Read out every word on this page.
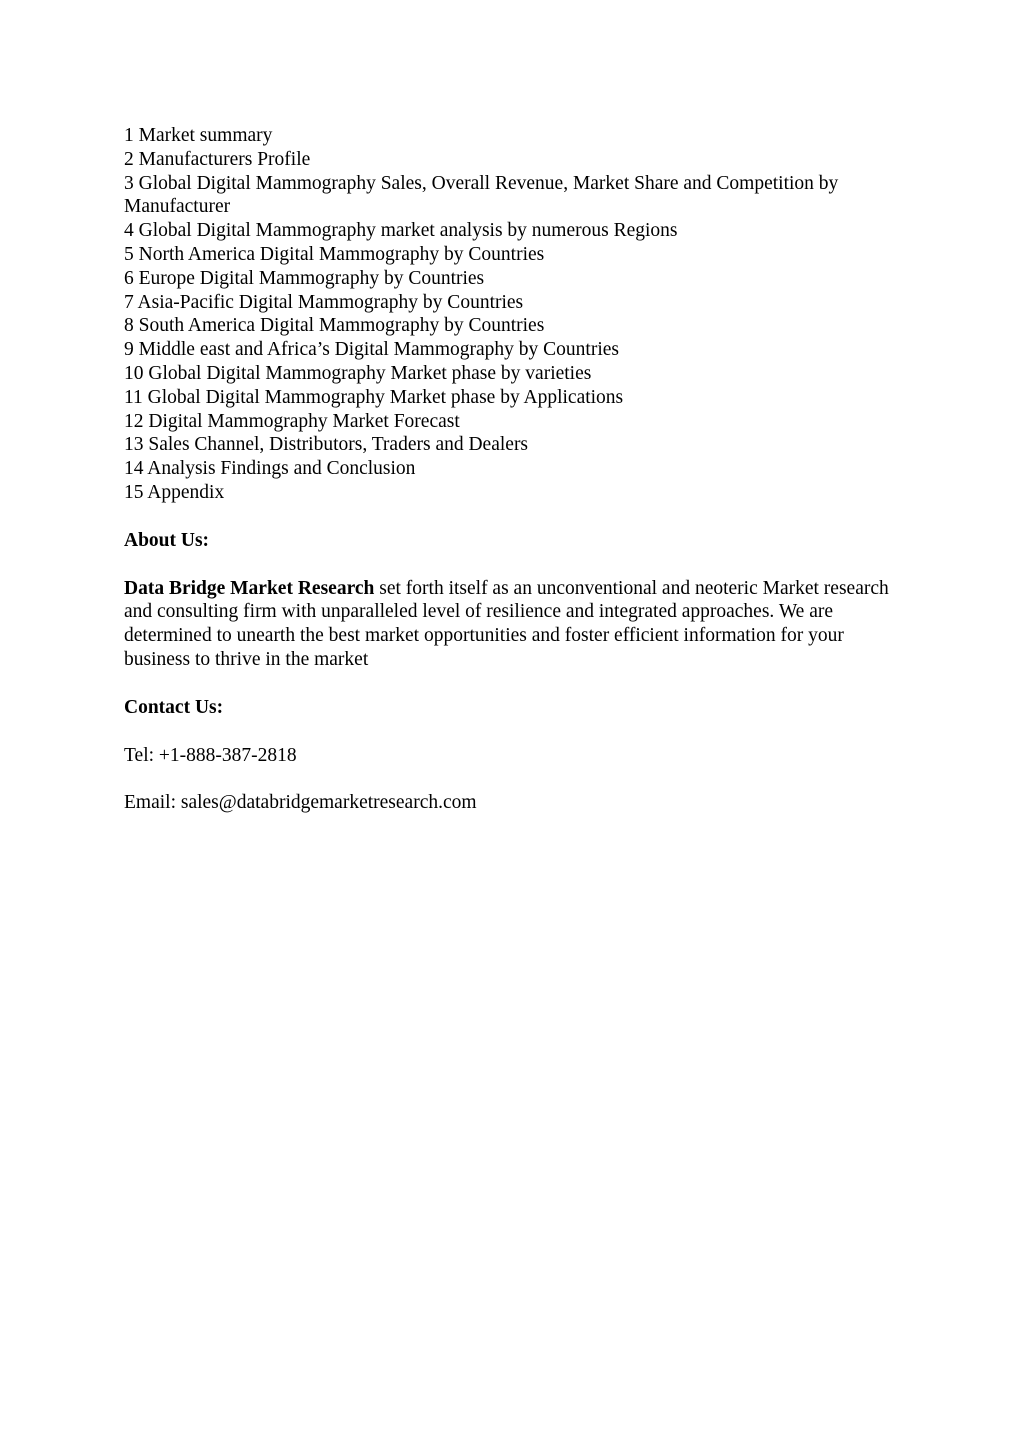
1 Market summary
2 Manufacturers Profile
3 Global Digital Mammography Sales, Overall Revenue, Market Share and Competition by Manufacturer
4 Global Digital Mammography market analysis by numerous Regions
5 North America Digital Mammography by Countries
6 Europe Digital Mammography by Countries
7 Asia-Pacific Digital Mammography by Countries
8 South America Digital Mammography by Countries
9 Middle east and Africa’s Digital Mammography by Countries
10 Global Digital Mammography Market phase by varieties
11 Global Digital Mammography Market phase by Applications
12 Digital Mammography Market Forecast
13 Sales Channel, Distributors, Traders and Dealers
14 Analysis Findings and Conclusion
15 Appendix
About Us:

Data Bridge Market Research set forth itself as an unconventional and neoteric Market research and consulting firm with unparalleled level of resilience and integrated approaches. We are determined to unearth the best market opportunities and foster efficient information for your business to thrive in the market

Contact Us:

Tel: +1-888-387-2818

Email: sales@databridgemarketresearch.com
